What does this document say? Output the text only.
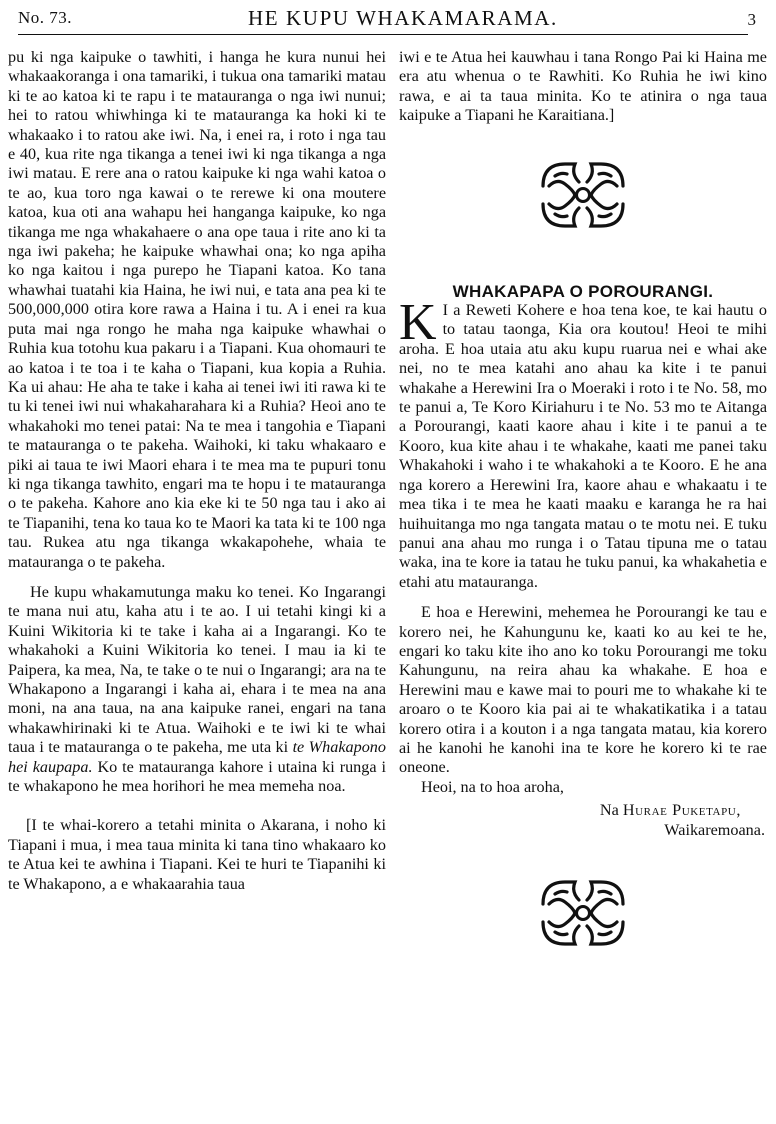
No. 73.	HE KUPU WHAKAMARAMA.	3

pu ki nga kaipuke o tawhiti, i hanga he kura nunui hei whakaakoranga i ona tamariki, i tukua ona tamariki matau ki te ao katoa ki te rapu i te matauranga o nga iwi nunui; hei to ratou whiwhinga ki te matauranga ka hoki ki te whakaako i to ratou ake iwi. Na, i enei ra, i roto i nga tau e 40, kua rite nga tikanga a tenei iwi ki nga tikanga a nga iwi matau. E rere ana o ratou kaipuke ki nga wahi katoa o te ao, kua toro nga kawai o te rerewe ki ona moutere katoa, kua oti ana wahapu hei hanganga kaipuke, ko nga tikanga me nga whakahaere o ana ope taua i rite ano ki ta nga iwi pakeha; he kaipuke whawhai ona; ko nga apiha ko nga kaitou i nga purepo he Tiapani katoa. Ko tana whawhai tuatahi kia Haina, he iwi nui, e tata ana pea ki te 500,000,000 otira kore rawa a Haina i tu. A i enei ra kua puta mai nga rongo he maha nga kaipuke whawhai o Ruhia kua totohu kua pakaru i a Tiapani. Kua ohomauri te ao katoa i te toa i te kaha o Tiapani, kua kopia a Ruhia. Ka ui ahau: He aha te take i kaha ai tenei iwi iti rawa ki te tu ki tenei iwi nui whakaharahara ki a Ruhia? Heoi ano te whakahoki mo tenei patai: Na te mea i tangohia e Tiapani te matauranga o te pakeha. Waihoki, ki taku whakaaro e piki ai taua te iwi Maori ehara i te mea ma te pupuri tonu ki nga tikanga tawhito, engari ma te hopu i te matauranga o te pakeha. Kahore ano kia eke ki te 50 nga tau i ako ai te Tiapanihi, tena ko taua ko te Maori ka tata ki te 100 nga tau. Rukea atu nga tikanga wkakapohehe, whaia te matauranga o te pakeha.

He kupu whakamutunga maku ko tenei. Ko Ingarangi te mana nui atu, kaha atu i te ao. I ui tetahi kingi ki a Kuini Wikitoria ki te take i kaha ai a Ingarangi. Ko te whakahoki a Kuini Wikitoria ko tenei. I mau ia ki te Paipera, ka mea, Na, te take o te nui o Ingarangi; ara na te Whakapono a Ingarangi i kaha ai, ehara i te mea na ana moni, na ana taua, na ana kaipuke ranei, engari na tana whakawhirinaki ki te Atua. Waihoki e te iwi ki te whai taua i te matauranga o te pakeha, me uta ki te Whakapono hei kaupapa. Ko te matauranga kahore i utaina ki runga i te whakapono he mea horihori he mea memeha noa.

[I te whai-korero a tetahi minita o Akarana, i noho ki Tiapani i mua, i mea taua minita ki tana tino whakaaro ko te Atua kei te awhina i Tiapani. Kei te huri te Tiapanihi ki te Whakapono, a e whakaarahia taua

iwi e te Atua hei kauwhau i tana Rongo Pai ki Haina me era atu whenua o te Rawhiti. Ko Ruhia he iwi kino rawa, e ai ta taua minita. Ko te atinira o nga taua kaipuke a Tiapani he Karaitiana.]

WHAKAPAPA O POROURANGI.

K I a Reweti Kohere e hoa tena koe, te kai hautu o to tatau taonga, Kia ora koutou! Heoi te mihi aroha. E hoa utaia atu aku kupu ruarua nei e whai ake nei, no te mea katahi ano ahau ka kite i te panui whakahe a Herewini Ira o Moeraki i roto i te No. 58, mo te panui a, Te Koro Kiriahuru i te No. 53 mo te Aitanga a Porourangi, kaati kaore ahau i kite i te panui a te Kooro, kua kite ahau i te whakahe, kaati me panei taku Whakahoki i waho i te whakahoki a te Kooro. E he ana nga korero a Herewini Ira, kaore ahau e whakaatu i te mea tika i te mea he kaati maaku e karanga he ra hai huihuitanga mo nga tangata matau o te motu nei. E tuku panui ana ahau mo runga i o Tatau tipuna me o tatau waka, ina te kore ia tatau he tuku panui, ka whakahetia e etahi atu matauranga.

E hoa e Herewini, mehemea he Porourangi ke tau e korero nei, he Kahungunu ke, kaati ko au kei te he, engari ko taku kite iho ano ko toku Porourangi me toku Kahungunu, na reira ahau ka whakahe. E hoa e Herewini mau e kawe mai to pouri me to whakahe ki te aroaro o te Kooro kia pai ai te whakatikatika i a tatau korero otira i a kouton i a nga tangata matau, kia korero ai he kanohi he kanohi ina te kore he korero ki te rae oneone.

Heoi, na to hoa aroha,

Na Hurae Puketapu,

Waikaremoana.
